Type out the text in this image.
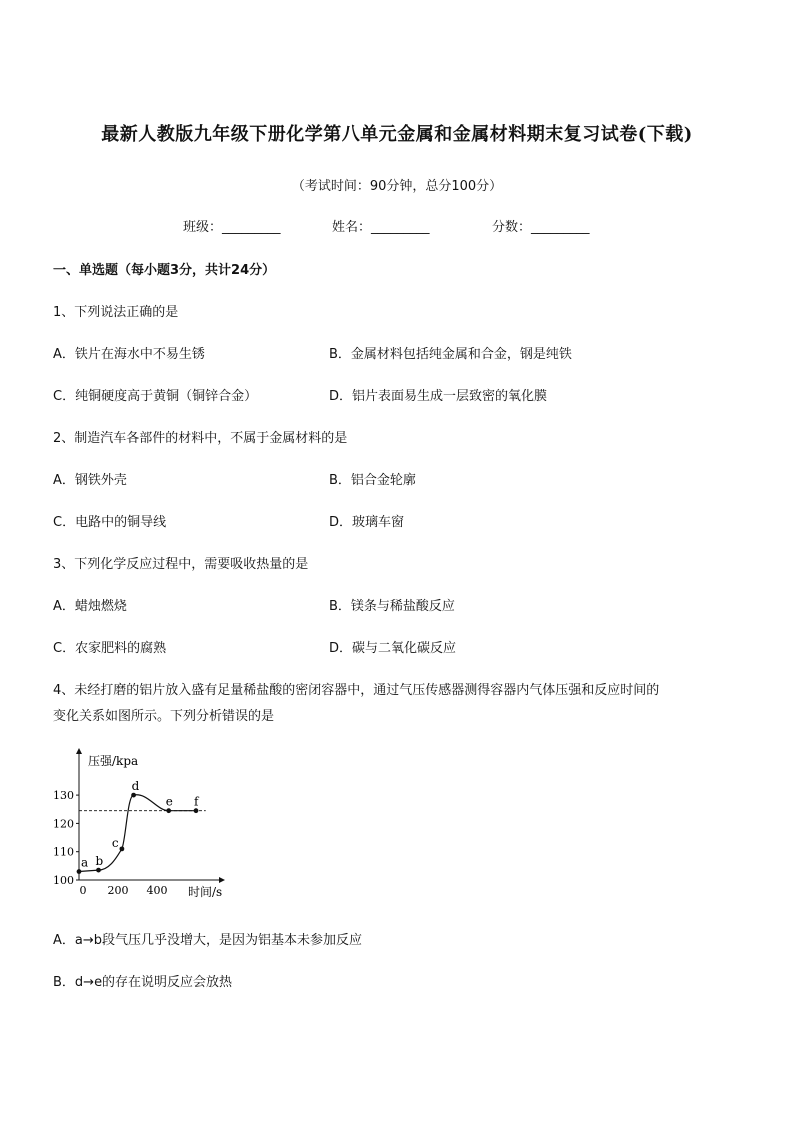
最新人教版九年级下册化学第八单元金属和金属材料期末复习试卷(下载)
（考试时间：90分钟，总分100分）
班级：_________	姓名：_________	分数：_________
一、单选题（每小题3分，共计24分）
1、下列说法正确的是
A．铁片在海水中不易生锈	B．金属材料包括纯金属和合金，钢是纯铁
C．纯铜硬度高于黄铜（铜锌合金）	D．铝片表面易生成一层致密的氧化膜
2、制造汽车各部件的材料中，不属于金属材料的是
A．钢铁外壳	B．铝合金轮廓
C．电路中的铜导线	D．玻璃车窗
3、下列化学反应过程中，需要吸收热量的是
A．蜡烛燃烧	B．镁条与稀盐酸反应
C．农家肥料的腐熟	D．碳与二氧化碳反应
4、未经打磨的铝片放入盛有足量稀盐酸的密闭容器中，通过气压传感器测得容器内气体压强和反应时间的
变化关系如图所示。下列分析错误的是
100
110
120
130
0 200 400
a b
c
d
e f
压强/kpa
时间/s
A．a→b段气压几乎没增大，是因为铝基本未参加反应
B．d→e的存在说明反应会放热
